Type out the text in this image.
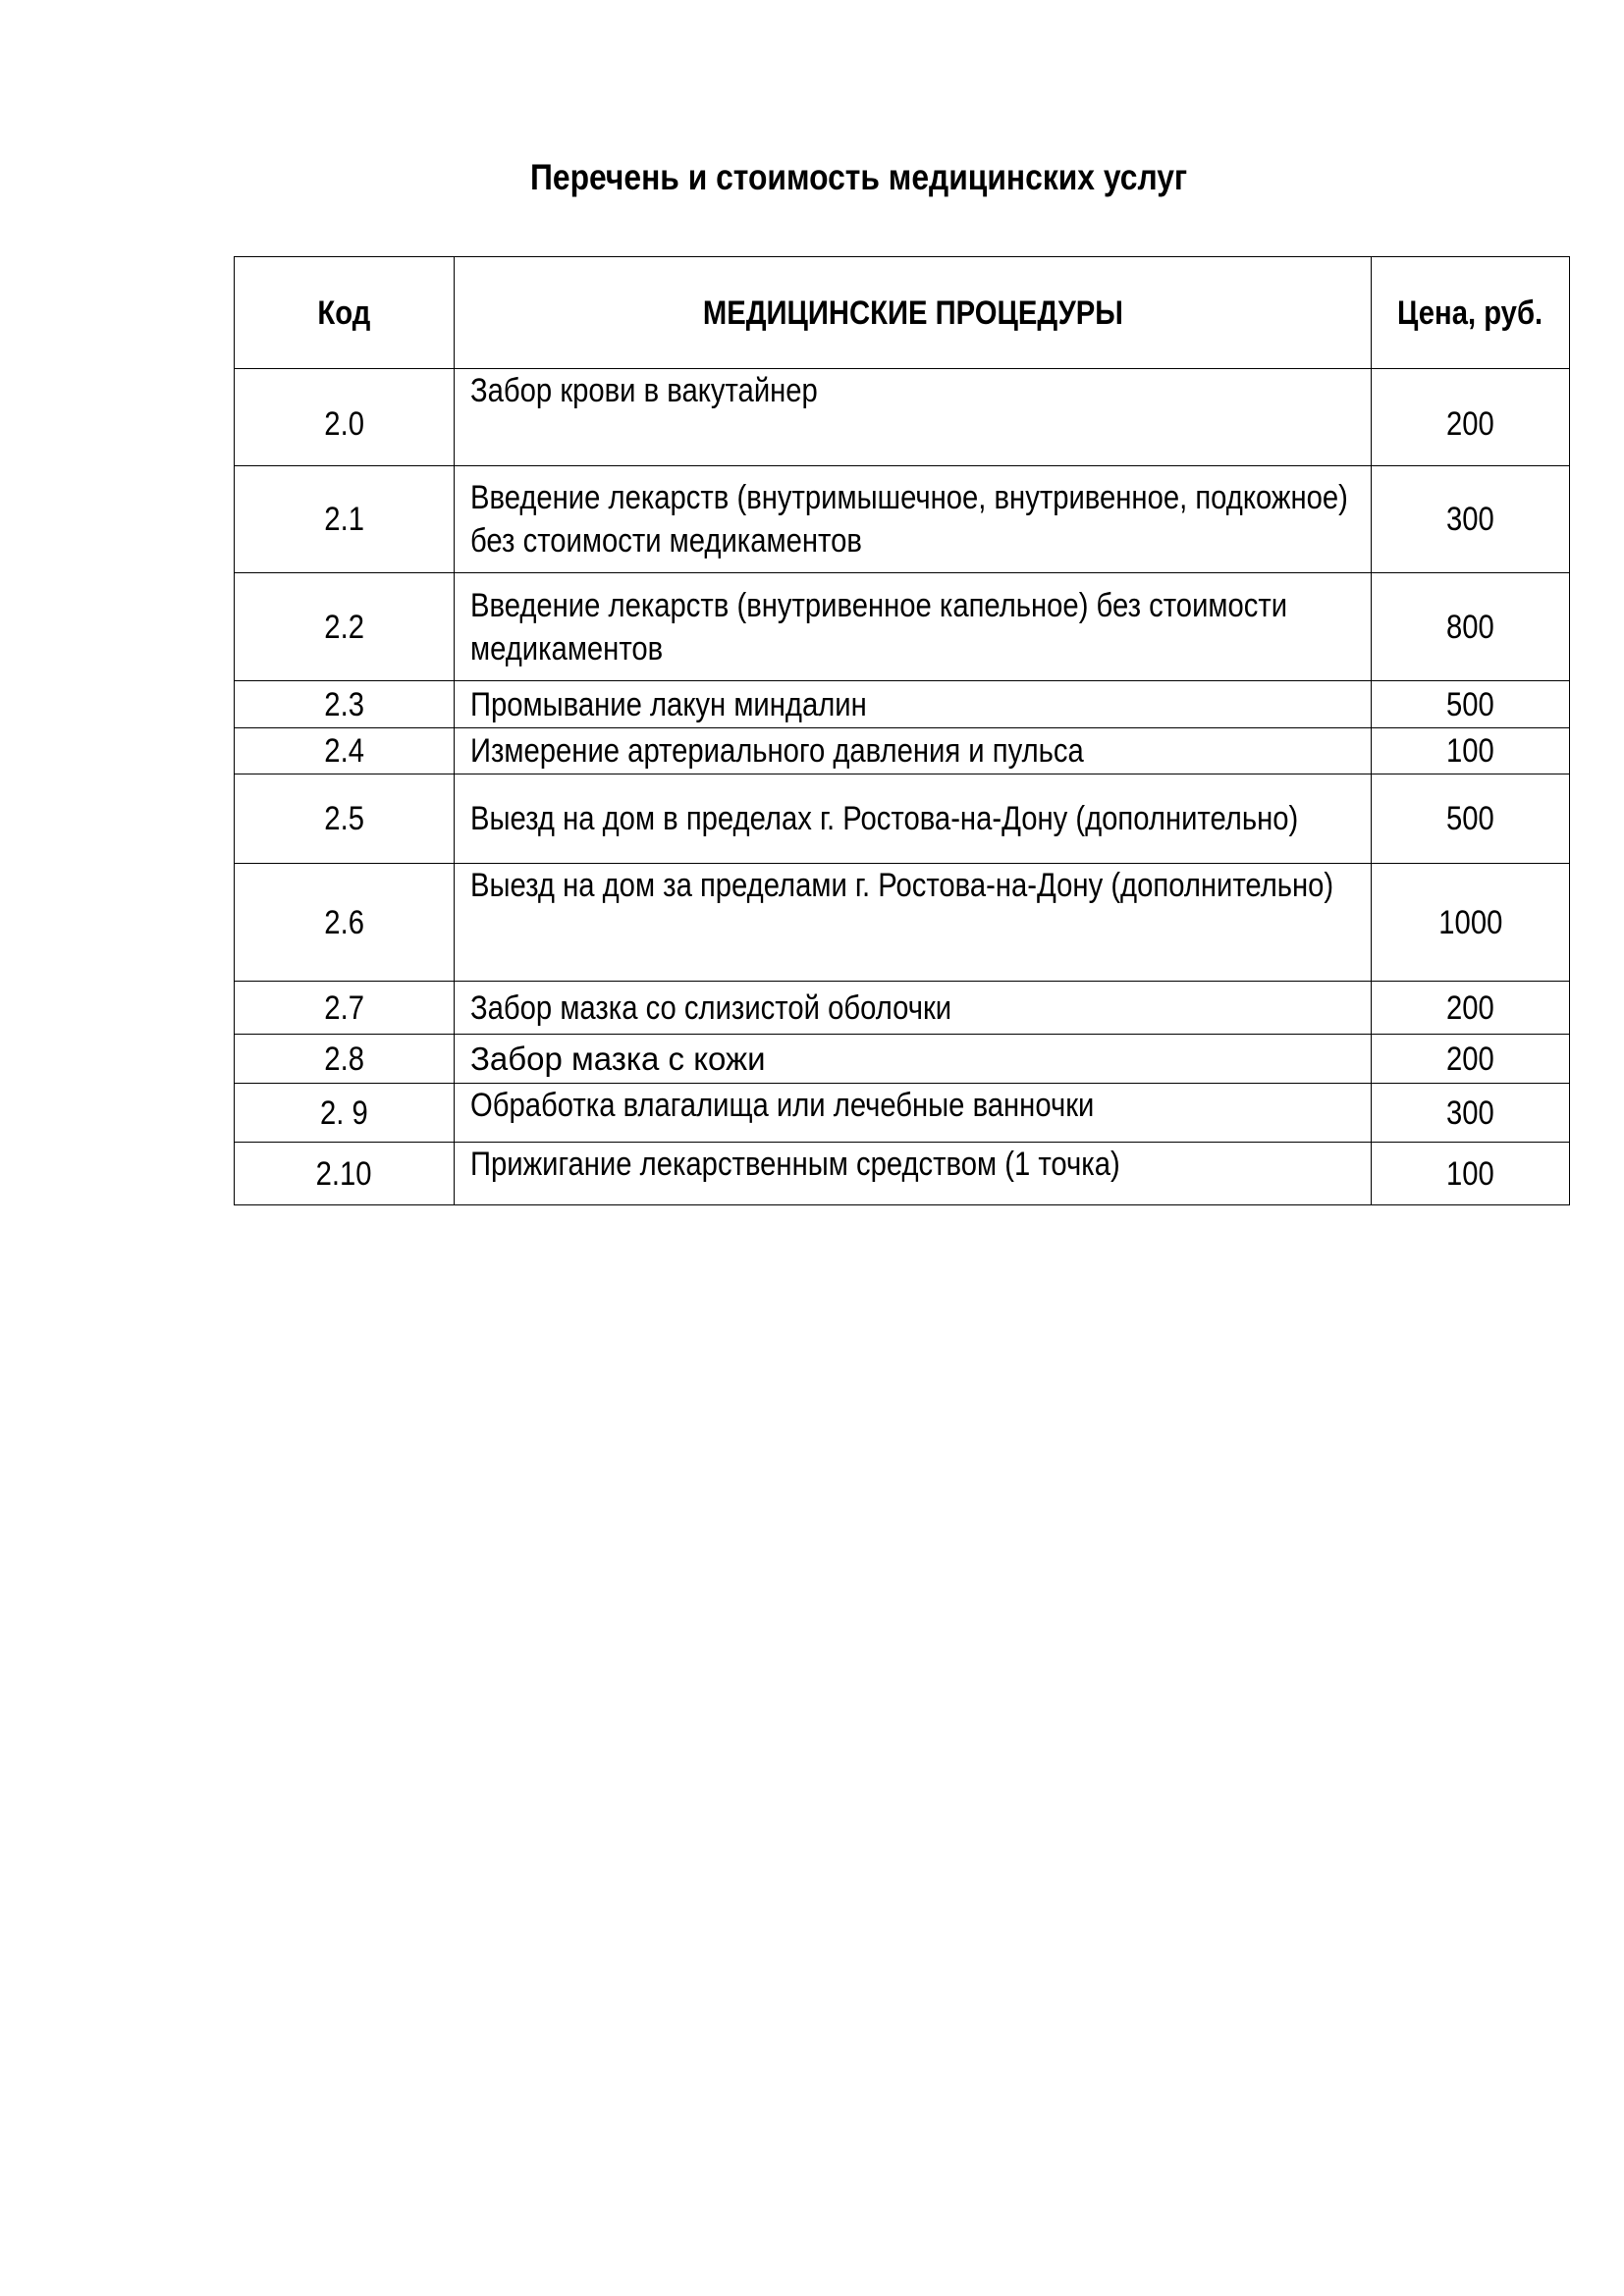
Перечень и стоимость медицинских услуг
Код	МЕДИЦИНСКИЕ ПРОЦЕДУРЫ	Цена, руб.
2.0	Забор крови в вакутайнер	200
2.1	Введение лекарств (внутримышечное, внутривенное, подкожное) без стоимости медикаментов	300
2.2	Введение лекарств (внутривенное капельное) без стоимости медикаментов	800
2.3	Промывание лакун миндалин	500
2.4	Измерение артериального давления и пульса	100
2.5	Выезд на дом в пределах г. Ростова-на-Дону (дополнительно)	500
2.6	Выезд на дом за пределами г. Ростова-на-Дону (дополнительно)	1000
2.7	Забор мазка со слизистой оболочки	200
2.8	Забор мазка с кожи	200
2. 9	Обработка влагалища или лечебные ванночки	300
2.10	Прижигание лекарственным средством (1 точка)	100
